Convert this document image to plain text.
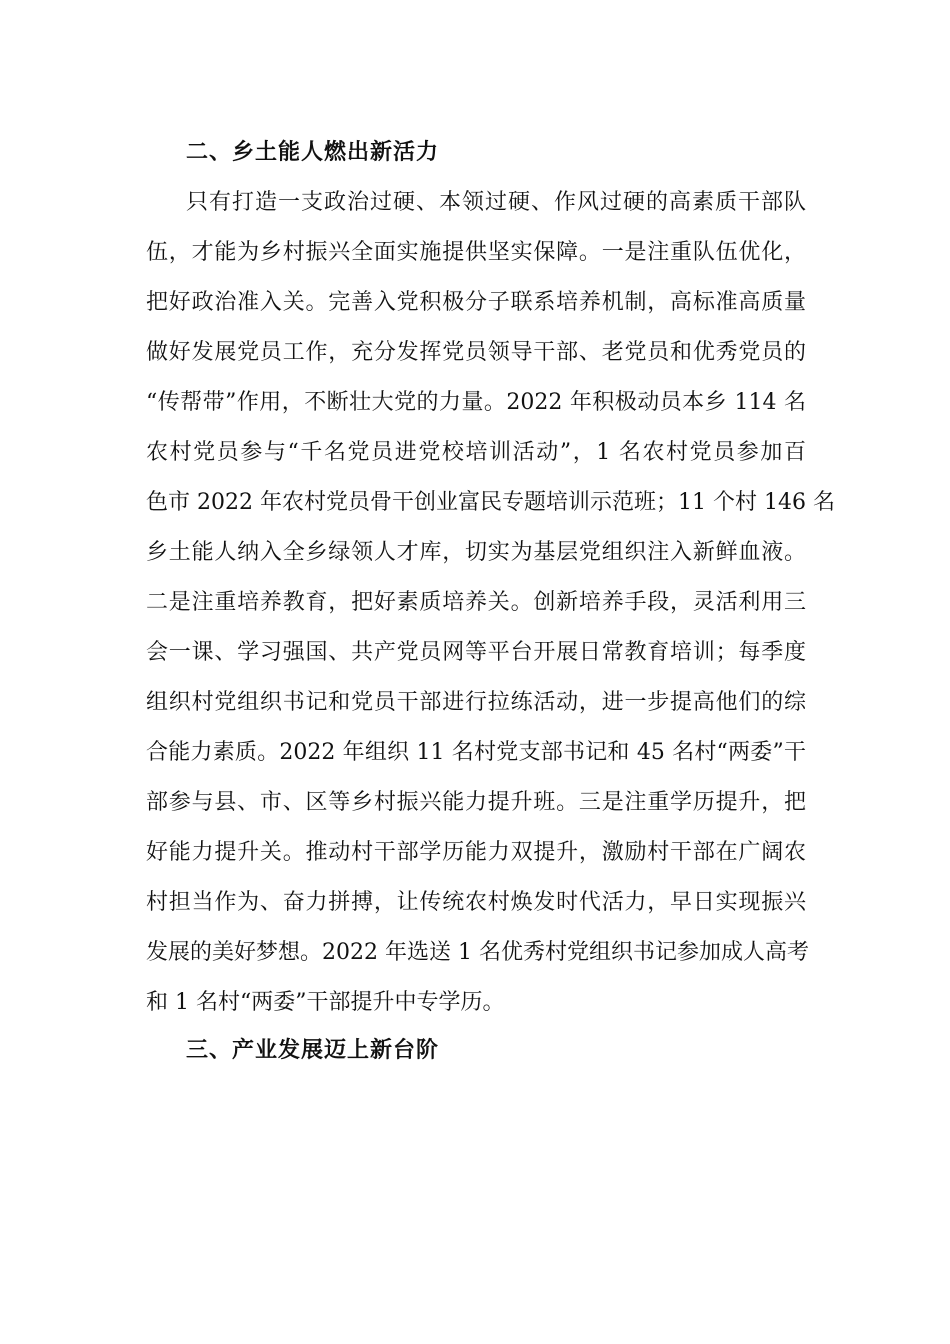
二、乡土能人燃出新活力
只有打造一支政治过硬、本领过硬、作风过硬的高素质干部队
伍，才能为乡村振兴全面实施提供坚实保障。一是注重队伍优化，
把好政治准入关。完善入党积极分子联系培养机制，高标准高质量
做好发展党员工作，充分发挥党员领导干部、老党员和优秀党员的
“传帮带”作用，不断壮大党的力量。2022 年积极动员本乡 114 名
农村党员参与“千名党员进党校培训活动”，1 名农村党员参加百
色市 2022 年农村党员骨干创业富民专题培训示范班；11 个村 146 名
乡土能人纳入全乡绿领人才库，切实为基层党组织注入新鲜血液。
二是注重培养教育，把好素质培养关。创新培养手段，灵活利用三
会一课、学习强国、共产党员网等平台开展日常教育培训；每季度
组织村党组织书记和党员干部进行拉练活动，进一步提高他们的综
合能力素质。2022 年组织 11 名村党支部书记和 45 名村“两委”干
部参与县、市、区等乡村振兴能力提升班。三是注重学历提升，把
好能力提升关。推动村干部学历能力双提升，激励村干部在广阔农
村担当作为、奋力拼搏，让传统农村焕发时代活力，早日实现振兴
发展的美好梦想。2022 年选送 1 名优秀村党组织书记参加成人高考
和 1 名村“两委”干部提升中专学历。
三、产业发展迈上新台阶
